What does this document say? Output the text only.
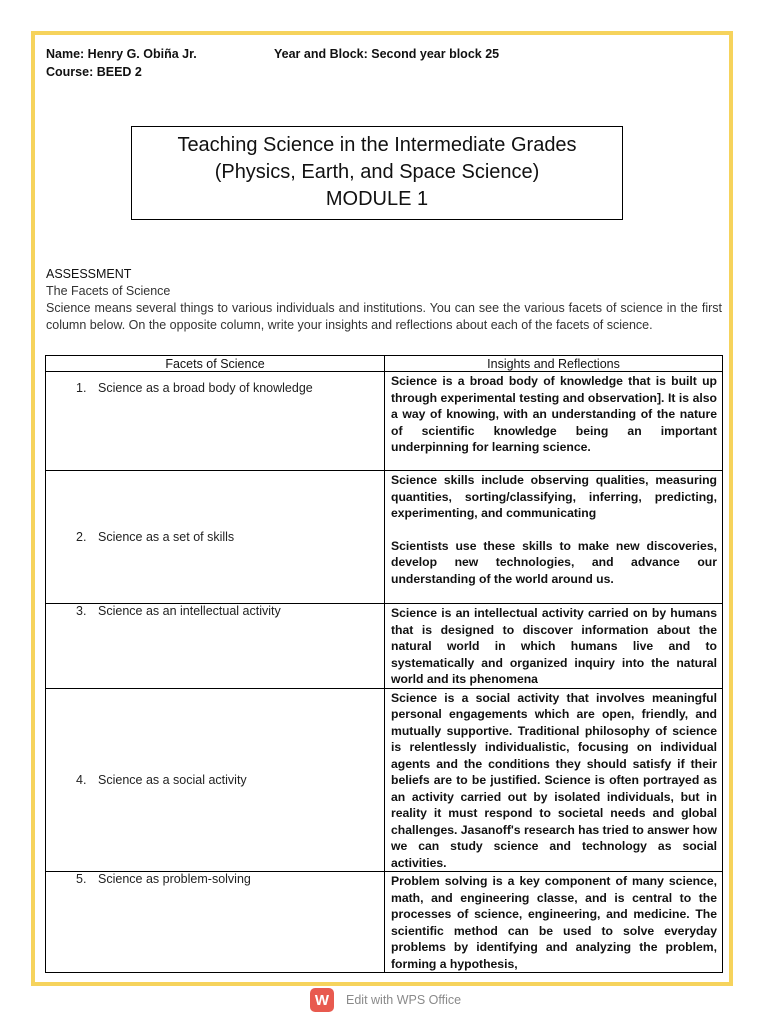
Name: Henry G. Obiña Jr.
Course: BEED 2
Year and Block: Second year block 25
Teaching Science in the Intermediate Grades
(Physics, Earth, and Space Science)
MODULE 1
ASSESSMENT
The Facets of Science
Science means several things to various individuals and institutions. You can see the various facets of science in the first column below. On the opposite column, write your insights and reflections about each of the facets of science.
Facets of Science	Insights and Reflections
1. Science as a broad body of knowledge	Science is a broad body of knowledge that is built up through experimental testing and observation]. It is also a way of knowing, with an understanding of the nature of scientific knowledge being an important underpinning for learning science.

2. Science as a set of skills	Science skills include observing qualities, measuring quantities, sorting/classifying, inferring, predicting, experimenting, and communicating

Scientists use these skills to make new discoveries, develop new technologies, and advance our understanding of the world around us.

3. Science as an intellectual activity	Science is an intellectual activity carried on by humans that is designed to discover information about the natural world in which humans live and to systematically and organized inquiry into the natural world and its phenomena

4. Science as a social activity	Science is a social activity that involves meaningful personal engagements which are open, friendly, and mutually supportive. Traditional philosophy of science is relentlessly individualistic, focusing on individual agents and the conditions they should satisfy if their beliefs are to be justified. Science is often portrayed as an activity carried out by isolated individuals, but in reality it must respond to societal needs and global challenges. Jasanoff's research has tried to answer how we can study science and technology as social activities.

5. Science as problem-solving	Problem solving is a key component of many science, math, and engineering classe, and is central to the processes of science, engineering, and medicine. The scientific method can be used to solve everyday problems by identifying and analyzing the problem, forming a hypothesis,

W	Edit with WPS Office
